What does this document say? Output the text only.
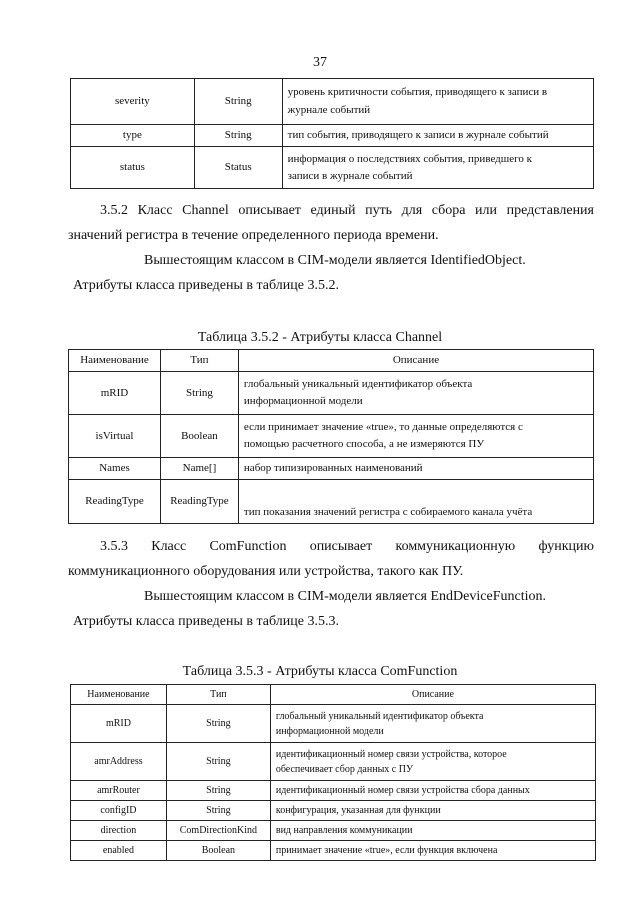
37
severity	String	уровень критичности события, приводящего к записи в
журнале событий
type	String	тип события, приводящего к записи в журнале событий
status	Status	информация о последствиях события, приведшего к
записи в журнале событий
3.5.2 Класс Channel описывает единый путь для сбора или представления
значений регистра в течение определенного периода времени.
Вышестоящим классом в CIM-модели является IdentifiedObject.
Атрибуты класса приведены в таблице 3.5.2.
Таблица 3.5.2 - Атрибуты класса Channel
Наименование	Тип	Описание
mRID	String	глобальный уникальный идентификатор объекта
информационной модели
isVirtual	Boolean	если принимает значение «true», то данные определяются с
помощью расчетного способа, а не измеряются ПУ
Names	Name[]	набор типизированных наименований
ReadingType	ReadingType	тип показания значений регистра с собираемого канала учёта
3.5.3 Класс ComFunction описывает коммуникационную функцию
коммуникационного оборудования или устройства, такого как ПУ.
Вышестоящим классом в CIM-модели является EndDeviceFunction.
Атрибуты класса приведены в таблице 3.5.3.
Таблица 3.5.3 - Атрибуты класса ComFunction
Наименование	Тип	Описание
mRID	String	глобальный уникальный идентификатор объекта
информационной модели
amrAddress	String	идентификационный номер связи устройства, которое
обеспечивает сбор данных с ПУ
amrRouter	String	идентификационный номер связи устройства сбора данных
configID	String	конфигурация, указанная для функции
direction	ComDirectionKind	вид направления коммуникации
enabled	Boolean	принимает значение «true», если функция включена
